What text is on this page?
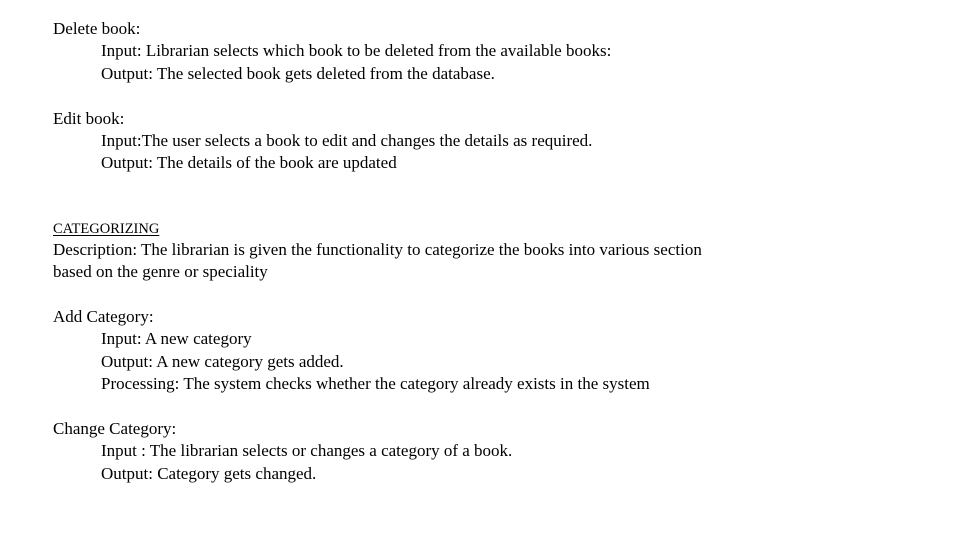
Delete book:
Input: Librarian selects which book to be deleted from the available books:
Output: The selected book gets deleted from the database.
Edit book:
Input:The user selects a book to edit and changes the details as required.
Output: The details of the book are updated
CATEGORIZING
Description: The librarian is given the functionality to categorize the books into various section
based on the genre or speciality
Add Category:
Input: A new category
Output: A new category gets added.
Processing: The system checks whether the category already exists in the system
Change Category:
Input : The librarian selects or changes a category of a book.
Output: Category gets changed.
